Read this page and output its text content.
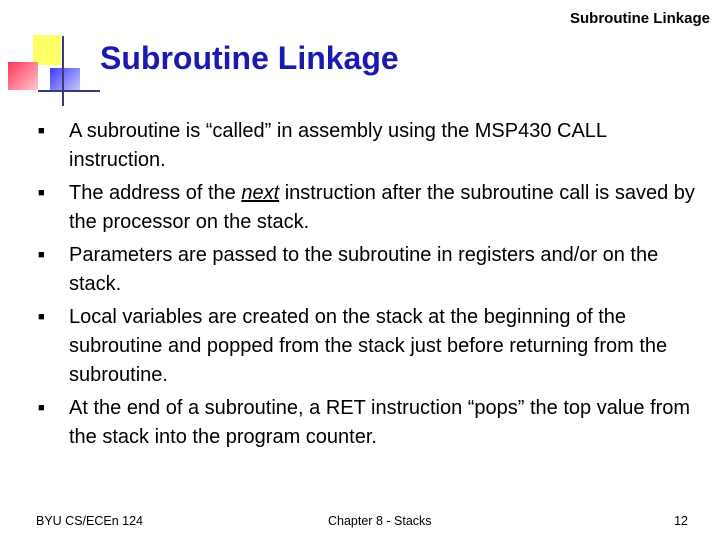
Subroutine Linkage
Subroutine Linkage
■ A subroutine is “called” in assembly using the MSP430 CALL instruction.
■ The address of the next instruction after the subroutine call is saved by the processor on the stack.
■ Parameters are passed to the subroutine in registers and/or on the stack.
■ Local variables are created on the stack at the beginning of the subroutine and popped from the stack just before returning from the subroutine.
■ At the end of a subroutine, a RET instruction “pops” the top value from the stack into the program counter.
BYU CS/ECEn 124	Chapter 8 - Stacks	12
